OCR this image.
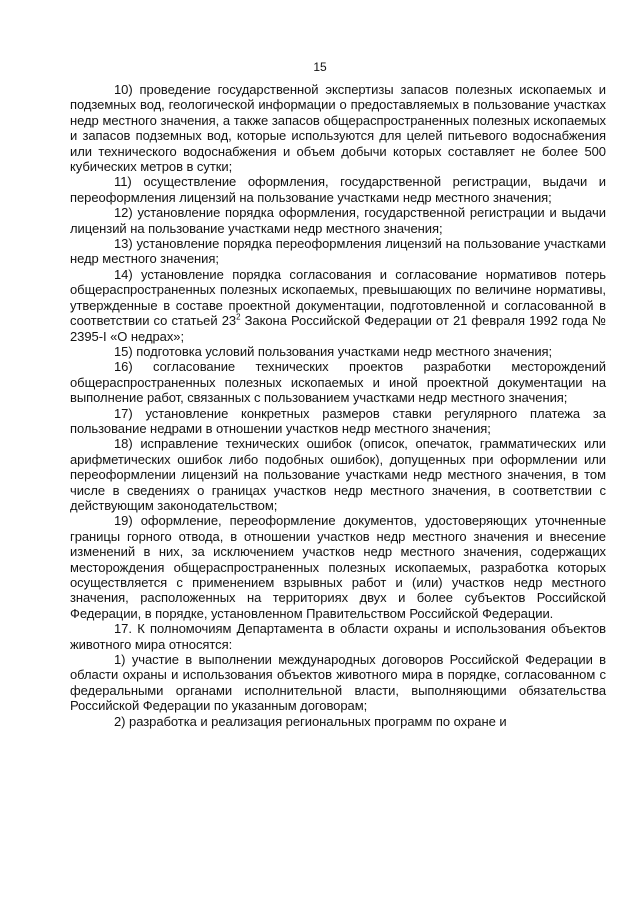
15

10) проведение государственной экспертизы запасов полезных ископаемых и подземных вод, геологической информации о предоставляемых в пользование участках недр местного значения, а также запасов общераспространенных полезных ископаемых и запасов подземных вод, которые используются для целей питьевого водоснабжения или технического водоснабжения и объем добычи которых составляет не более 500 кубических метров в сутки;

11) осуществление оформления, государственной регистрации, выдачи и переоформления лицензий на пользование участками недр местного значения;

12) установление порядка оформления, государственной регистрации и выдачи лицензий на пользование участками недр местного значения;

13) установление порядка переоформления лицензий на пользование участками недр местного значения;

14) установление порядка согласования и согласование нормативов потерь общераспространенных полезных ископаемых, превышающих по величине нормативы, утвержденные в составе проектной документации, подготовленной и согласованной в соответствии со статьей $23^2$ Закона Российской Федерации от 21 февраля 1992 года № 2395-I «О недрах»;

15) подготовка условий пользования участками недр местного значения;

16) согласование технических проектов разработки месторождений общераспространенных полезных ископаемых и иной проектной документации на выполнение работ, связанных с пользованием участками недр местного значения;

17) установление конкретных размеров ставки регулярного платежа за пользование недрами в отношении участков недр местного значения;

18) исправление технических ошибок (описок, опечаток, грамматических или арифметических ошибок либо подобных ошибок), допущенных при оформлении или переоформлении лицензий на пользование участками недр местного значения, в том числе в сведениях о границах участков недр местного значения, в соответствии с действующим законодательством;

19) оформление, переоформление документов, удостоверяющих уточненные границы горного отвода, в отношении участков недр местного значения и внесение изменений в них, за исключением участков недр местного значения, содержащих месторождения общераспространенных полезных ископаемых, разработка которых осуществляется с применением взрывных работ и (или) участков недр местного значения, расположенных на территориях двух и более субъектов Российской Федерации, в порядке, установленном Правительством Российской Федерации.

17. К полномочиям Департамента в области охраны и использования объектов животного мира относятся:

1) участие в выполнении международных договоров Российской Федерации в области охраны и использования объектов животного мира в порядке, согласованном с федеральными органами исполнительной власти, выполняющими обязательства Российской Федерации по указанным договорам;

2) разработка и реализация региональных программ по охране и
